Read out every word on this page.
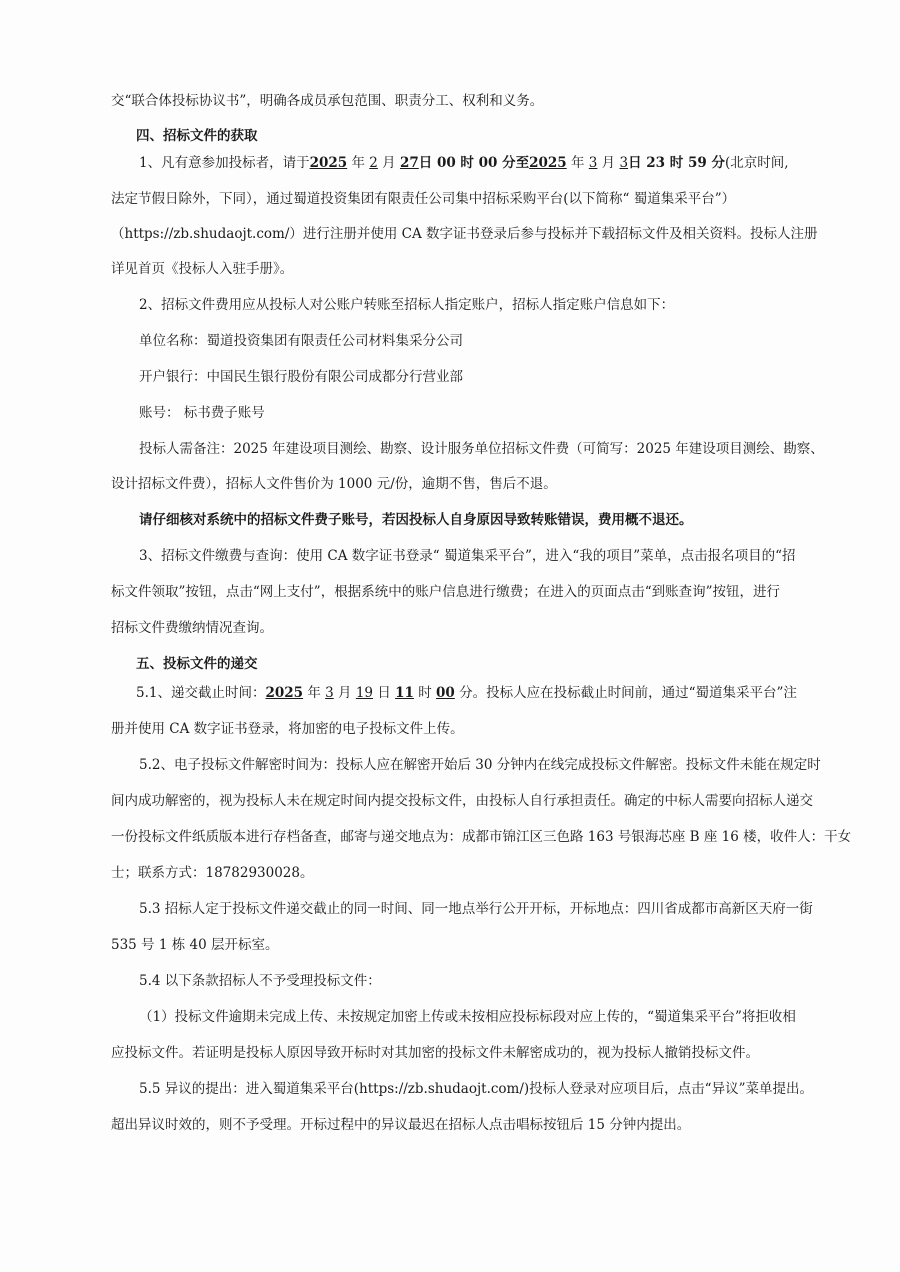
交“联合体投标协议书”，明确各成员承包范围、职责分工、权利和义务。
四、招标文件的获取
1、凡有意参加投标者，请于2025 年 2 月 27日 00 时 00 分至2025 年 3 月 3日 23 时 59 分(北京时间,
法定节假日除外，下同），通过蜀道投资集团有限责任公司集中招标采购平台(以下简称“ 蜀道集采平台”）
（https://zb.shudaojt.com/）进行注册并使用 CA 数字证书登录后参与投标并下载招标文件及相关资料。投标人注册
详见首页《投标人入驻手册》。
2、招标文件费用应从投标人对公账户转账至招标人指定账户，招标人指定账户信息如下：
单位名称：蜀道投资集团有限责任公司材料集采分公司
开户银行：中国民生银行股份有限公司成都分行营业部
账号： 标书费子账号
投标人需备注：2025 年建设项目测绘、勘察、设计服务单位招标文件费（可简写：2025 年建设项目测绘、勘察、
设计招标文件费），招标人文件售价为 1000 元/份，逾期不售，售后不退。
请仔细核对系统中的招标文件费子账号，若因投标人自身原因导致转账错误，费用概不退还。
3、招标文件缴费与查询：使用 CA 数字证书登录“ 蜀道集采平台”，进入“我的项目”菜单，点击报名项目的“招
标文件领取”按钮，点击“网上支付”，根据系统中的账户信息进行缴费；在进入的页面点击“到账查询”按钮，进行
招标文件费缴纳情况查询。
五、投标文件的递交
5.1、递交截止时间：2025 年 3 月 19 日 11 时 00 分。投标人应在投标截止时间前，通过“蜀道集采平台”注
册并使用 CA 数字证书登录，将加密的电子投标文件上传。
5.2、电子投标文件解密时间为：投标人应在解密开始后 30 分钟内在线完成投标文件解密。投标文件未能在规定时
间内成功解密的，视为投标人未在规定时间内提交投标文件，由投标人自行承担责任。确定的中标人需要向招标人递交
一份投标文件纸质版本进行存档备查，邮寄与递交地点为：成都市锦江区三色路 163 号银海芯座 B 座 16 楼，收件人：干女
士；联系方式：18782930028。
5.3 招标人定于投标文件递交截止的同一时间、同一地点举行公开开标，开标地点：四川省成都市高新区天府一街
535 号 1 栋 40 层开标室。
5.4 以下条款招标人不予受理投标文件：
（1）投标文件逾期未完成上传、未按规定加密上传或未按相应投标标段对应上传的，“蜀道集采平台”将拒收相
应投标文件。若证明是投标人原因导致开标时对其加密的投标文件未解密成功的，视为投标人撤销投标文件。
5.5 异议的提出：进入蜀道集采平台(https://zb.shudaojt.com/)投标人登录对应项目后，点击“异议”菜单提出。
超出异议时效的，则不予受理。开标过程中的异议最迟在招标人点击唱标按钮后 15 分钟内提出。
